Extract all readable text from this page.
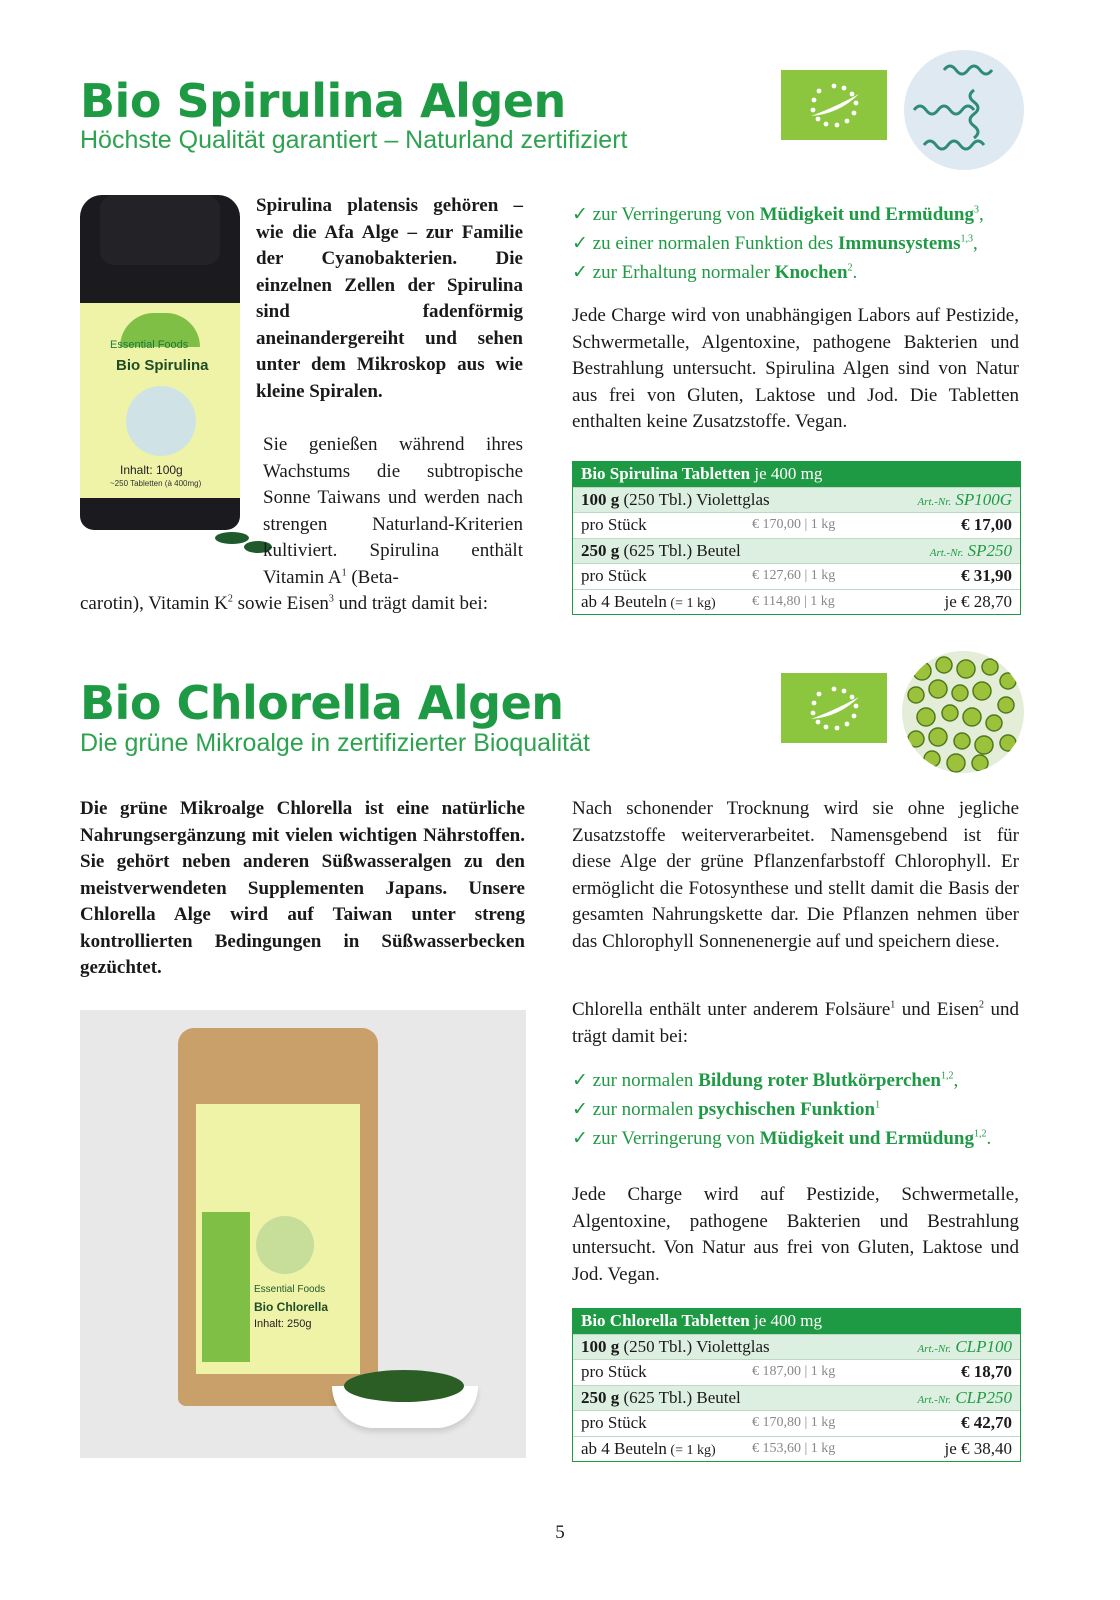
Bio Spirulina Algen
Höchste Qualität garantiert – Naturland zertifiziert
Essential Foods
Bio Spirulina
Inhalt: 100g
~250 Tabletten (à 400mg)

Spirulina platensis gehören – wie die Afa Alge – zur Familie der Cyanobakterien. Die einzelnen Zellen der Spirulina sind fadenförmig aneinandergereiht und sehen unter dem Mikroskop aus wie kleine Spiralen.

Sie genießen während ihres Wachstums die subtropische Sonne Taiwans und werden nach strengen Naturland-Kriterien kultiviert. Spirulina enthält Vitamin $A^1$ (Beta-

carotin), Vitamin $K^2$ sowie Eisen$^3$ und trägt damit bei:

✓ zur Verringerung von Müdigkeit und Ermüdung$^3$,
✓ zu einer normalen Funktion des Immunsystems$^{1,3}$,
✓ zur Erhaltung normaler Knochen$^2$.

Jede Charge wird von unabhängigen Labors auf Pestizide, Schwermetalle, Algentoxine, pathogene Bakterien und Bestrahlung untersucht. Spirulina Algen sind von Natur aus frei von Gluten, Laktose und Jod. Die Tabletten enthalten keine Zusatzstoffe. Vegan.

Bio Spirulina Tabletten je 400 mg
100 g (250 Tbl.) Violettglas	Art.-Nr. SP100G
pro Stück	€ 170,00 | 1 kg	€ 17,00
250 g (625 Tbl.) Beutel	Art.-Nr. SP250
pro Stück	€ 127,60 | 1 kg	€ 31,90
ab 4 Beuteln (= 1 kg)	€ 114,80 | 1 kg	je € 28,70
Bio Chlorella Algen
Die grüne Mikroalge in zertifizierter Bioqualität

Die grüne Mikroalge Chlorella ist eine natürliche Nahrungsergänzung mit vielen wichtigen Nährstoffen. Sie gehört neben anderen Süßwasseralgen zu den meistverwendeten Supplementen Japans. Unsere Chlorella Alge wird auf Taiwan unter streng kontrollierten Bedingungen in Süßwasserbecken gezüchtet.

Essential Foods
Bio Chlorella
Inhalt: 250g

Nach schonender Trocknung wird sie ohne jegliche Zusatzstoffe weiterverarbeitet. Namensgebend ist für diese Alge der grüne Pflanzenfarbstoff Chlorophyll. Er ermöglicht die Fotosynthese und stellt damit die Basis der gesamten Nahrungskette dar. Die Pflanzen nehmen über das Chlorophyll Sonnenenergie auf und speichern diese.

Chlorella enthält unter anderem Folsäure$^1$ und Eisen$^2$ und trägt damit bei:

✓ zur normalen Bildung roter Blutkörperchen$^{1,2}$,
✓ zur normalen psychischen Funktion$^1$
✓ zur Verringerung von Müdigkeit und Ermüdung$^{1,2}$.

Jede Charge wird auf Pestizide, Schwermetalle, Algentoxine, pathogene Bakterien und Bestrahlung untersucht. Von Natur aus frei von Gluten, Laktose und Jod. Vegan.

Bio Chlorella Tabletten je 400 mg
100 g (250 Tbl.) Violettglas	Art.-Nr. CLP100
pro Stück	€ 187,00 | 1 kg	€ 18,70
250 g (625 Tbl.) Beutel	Art.-Nr. CLP250
pro Stück	€ 170,80 | 1 kg	€ 42,70
ab 4 Beuteln (= 1 kg)	€ 153,60 | 1 kg	je € 38,40
5
